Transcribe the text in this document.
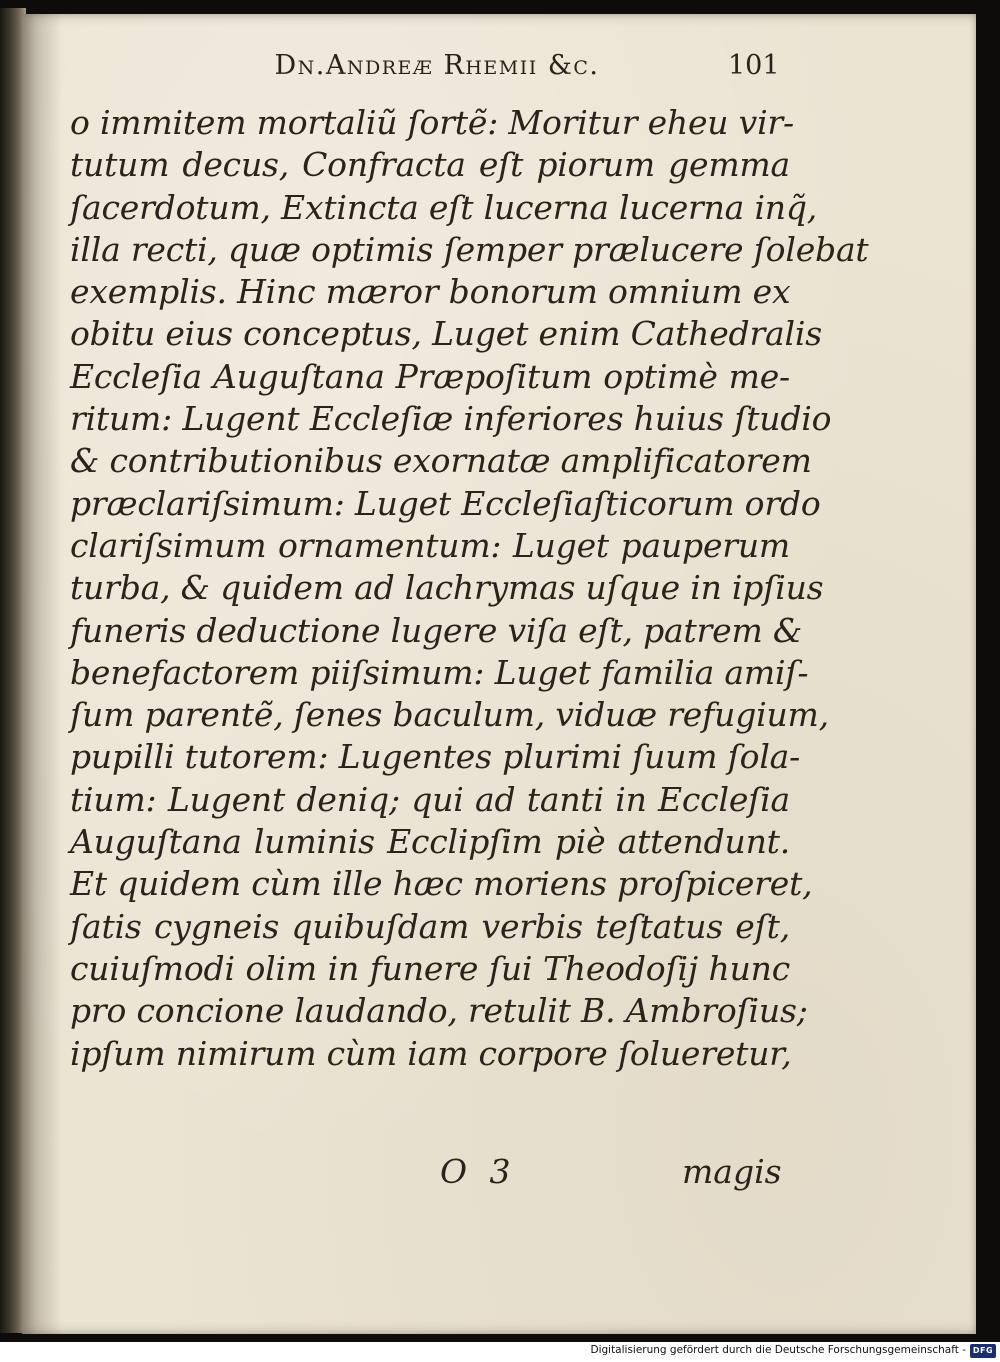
Dn.Andreæ Rhemii &c.	101
o immitem mortaliũ ſortẽ: Moritur eheu vir-
tutum decus, Confracta eſt piorum gemma
ſacerdotum, Extincta eſt lucerna lucerna inq̃,
illa recti, quæ optimis ſemper prælucere ſolebat
exemplis. Hinc mæror bonorum omnium ex
obitu eius conceptus, Luget enim Cathedralis
Eccleſia Auguſtana Præpoſitum optimè me-
ritum: Lugent Eccleſiæ inferiores huius ſtudio
& contributionibus exornatæ amplificatorem
præclariſsimum: Luget Eccleſiaſticorum ordo
clariſsimum ornamentum: Luget pauperum
turba, & quidem ad lachrymas uſque in ipſius
funeris deductione lugere viſa eſt, patrem &
benefactorem piiſsimum: Luget familia amiſ-
ſum parentẽ, ſenes baculum, viduæ refugium,
pupilli tutorem: Lugentes plurimi ſuum ſola-
tium: Lugent deniq; qui ad tanti in Eccleſia
Auguſtana luminis Ecclipſim piè attendunt.
Et quidem cùm ille hæc moriens proſpiceret,
ſatis cygneis quibuſdam verbis teſtatus eſt,
cuiuſmodi olim in funere ſui Theodoſij hunc
pro concione laudando, retulit B. Ambroſius;
ipſum nimirum cùm iam corpore ſolueretur,
O 3	magis
Digitalisierung gefördert durch die Deutsche Forschungsgemeinschaft - DFG
